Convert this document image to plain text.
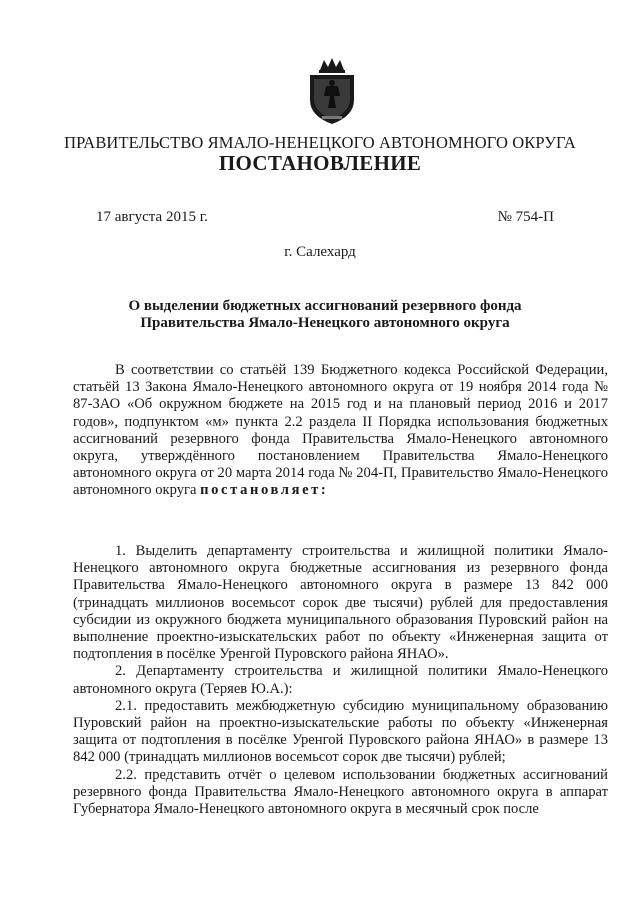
ПРАВИТЕЛЬСТВО ЯМАЛО-НЕНЕЦКОГО АВТОНОМНОГО ОКРУГА
ПОСТАНОВЛЕНИЕ
17 августа 2015 г.	№ 754-П
г. Салехард
О выделении бюджетных ассигнований резервного фонда
Правительства Ямало-Ненецкого автономного округа

В соответствии со статьёй 139 Бюджетного кодекса Российской Федерации, статьёй 13 Закона Ямало-Ненецкого автономного округа от 19 ноября 2014 года № 87-ЗАО «Об окружном бюджете на 2015 год и на плановый период 2016 и 2017 годов», подпунктом «м» пункта 2.2 раздела II Порядка использования бюджетных ассигнований резервного фонда Правительства Ямало-Ненецкого автономного округа, утверждённого постановлением Правительства Ямало-Ненецкого автономного округа от 20 марта 2014 года № 204-П, Правительство Ямало-Ненецкого автономного округа постановляет:

1. Выделить департаменту строительства и жилищной политики Ямало-Ненецкого автономного округа бюджетные ассигнования из резервного фонда Правительства Ямало-Ненецкого автономного округа в размере 13 842 000 (тринадцать миллионов восемьсот сорок две тысячи) рублей для предоставления субсидии из окружного бюджета муниципального образования Пуровский район на выполнение проектно-изыскательских работ по объекту «Инженерная защита от подтопления в посёлке Уренгой Пуровского района ЯНАО».

2. Департаменту строительства и жилищной политики Ямало-Ненецкого автономного округа (Теряев Ю.А.):

2.1. предоставить межбюджетную субсидию муниципальному образованию Пуровский район на проектно-изыскательские работы по объекту «Инженерная защита от подтопления в посёлке Уренгой Пуровского района ЯНАО» в размере 13 842 000 (тринадцать миллионов восемьсот сорок две тысячи) рублей;

2.2. представить отчёт о целевом использовании бюджетных ассигнований резервного фонда Правительства Ямало-Ненецкого автономного округа в аппарат Губернатора Ямало-Ненецкого автономного округа в месячный срок после
